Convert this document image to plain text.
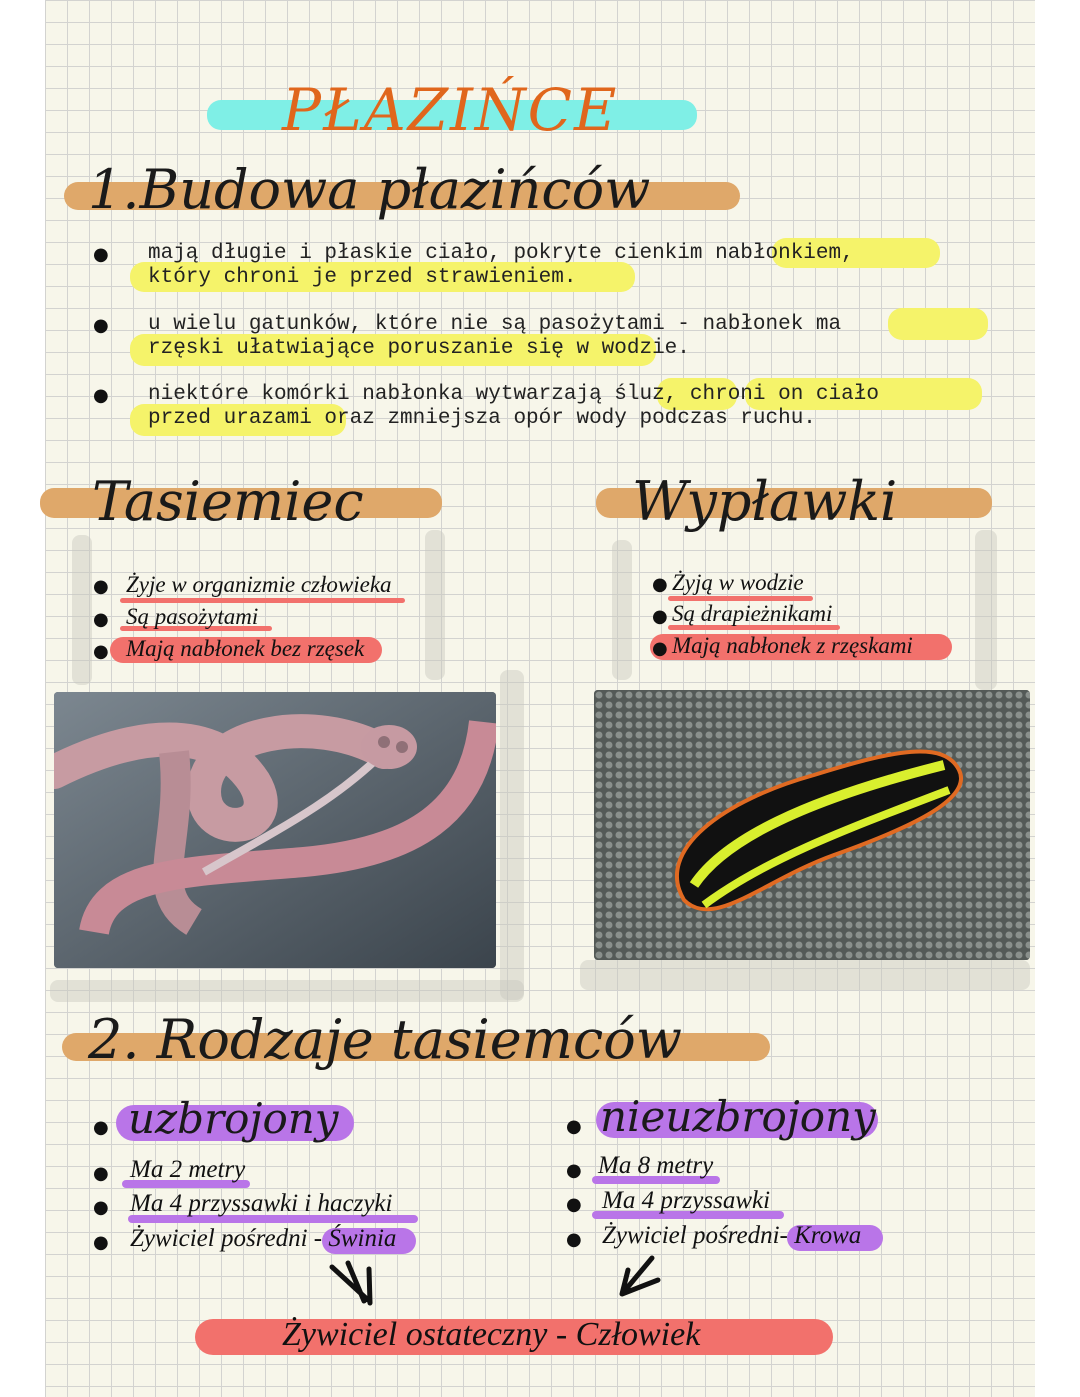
PŁAZIŃCE
1.Budowa płazińców
● mają długie i płaskie ciało, pokryte cienkim nabłonkiem,
który chroni je przed strawieniem.
● u wielu gatunków, które nie są pasożytami - nabłonek ma
rzęski ułatwiające poruszanie się w wodzie.
● niektóre komórki nabłonka wytwarzają śluz, chroni on ciało
przed urazami oraz zmniejsza opór wody podczas ruchu.
Tasiemiec
● Żyje w organizmie człowieka
● Są pasożytami
● Mają nabłonek bez rzęsek
Wypławki
● Żyją w wodzie
● Są drapieżnikami
● Mają nabłonek z rzęskami
2. Rodzaje tasiemców
● uzbrojony
● Ma 2 metry
● Ma 4 przyssawki i haczyki
● Żywiciel pośredni - Świnia
● nieuzbrojony
● Ma 8 metry
● Ma 4 przyssawki
● Żywiciel pośredni- Krowa
Żywiciel ostateczny - Człowiek
